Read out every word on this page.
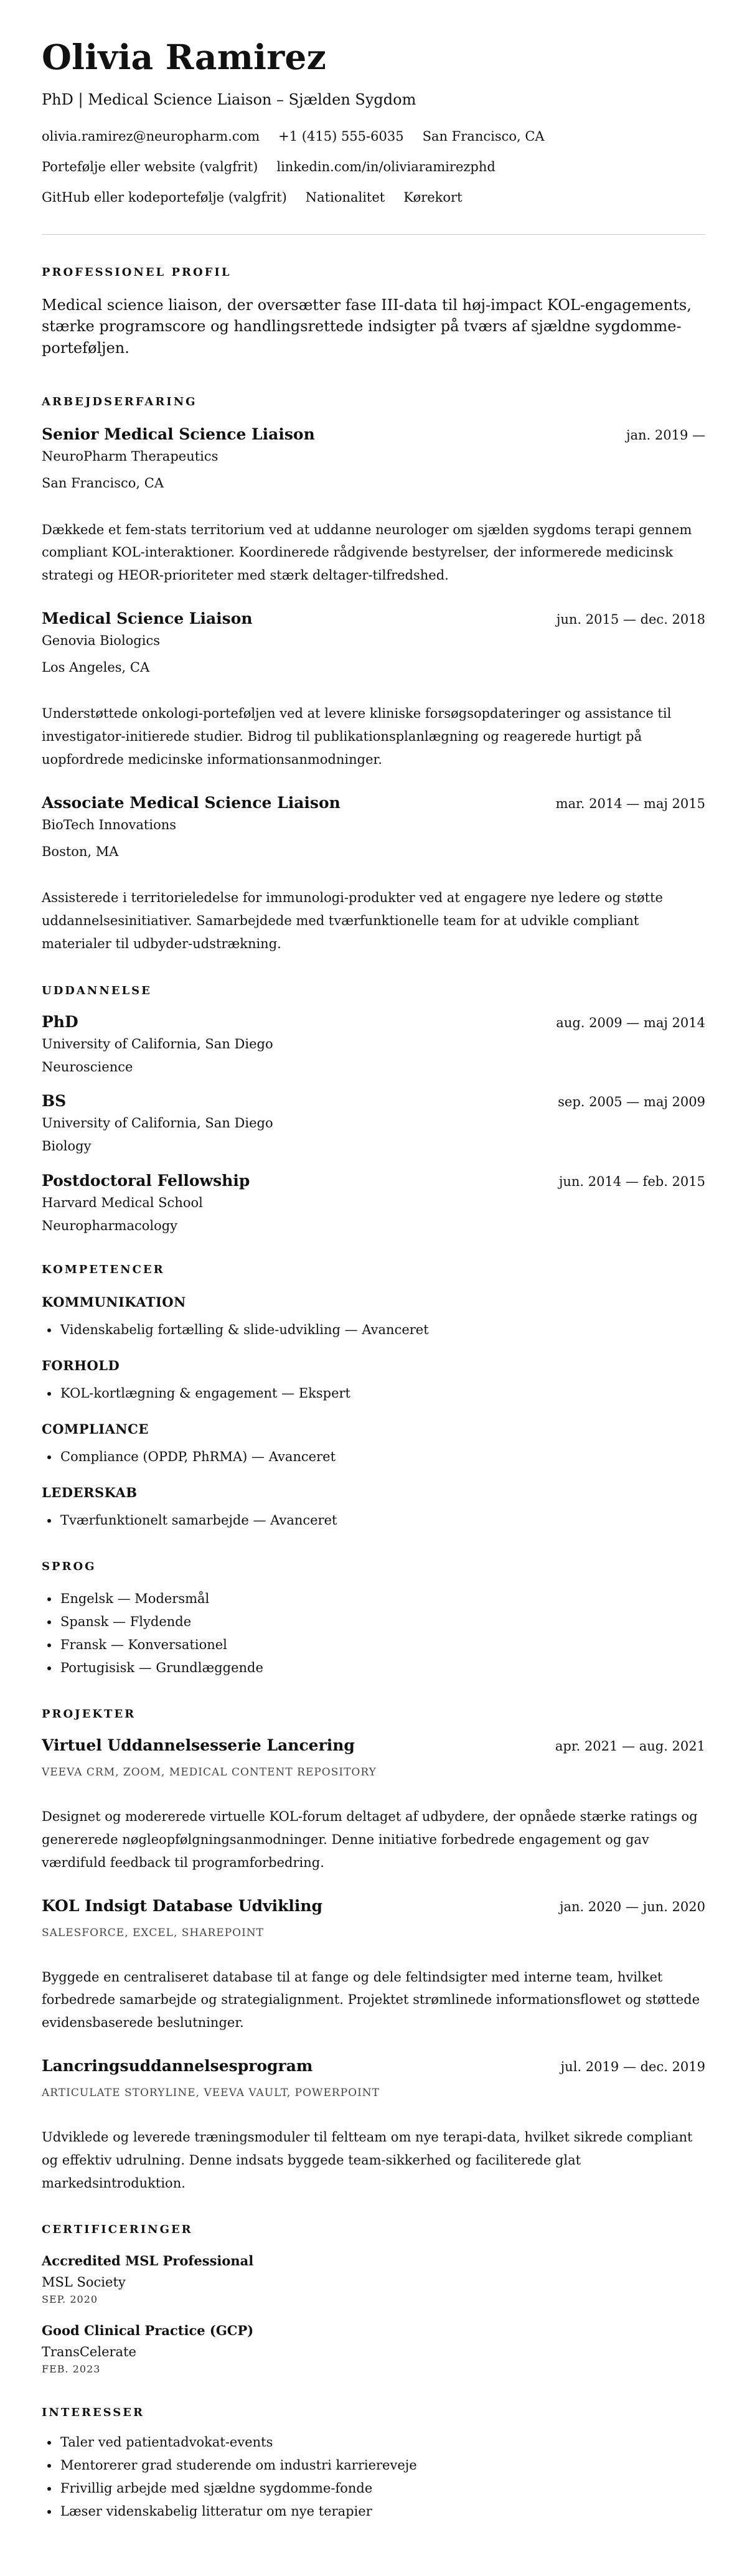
Olivia Ramirez
PhD | Medical Science Liaison – Sjælden Sygdom
olivia.ramirez@neuropharm.com +1 (415) 555-6035 San Francisco, CA
Portefølje eller website (valgfrit) linkedin.com/in/oliviaramirezphd
GitHub eller kodeportefølje (valgfrit) Nationalitet Kørekort
PROFESSIONEL PROFIL
Medical science liaison, der oversætter fase III-data til høj-impact KOL-engagements, stærke programscore og handlingsrettede indsigter på tværs af sjældne sygdomme-porteføljen.
ARBEJDSERFARING
Senior Medical Science Liaison	jan. 2019 —
NeuroPharm Therapeutics
San Francisco, CA
Dækkede et fem-stats territorium ved at uddanne neurologer om sjælden sygdoms terapi gennem compliant KOL-interaktioner. Koordinerede rådgivende bestyrelser, der informerede medicinsk strategi og HEOR-prioriteter med stærk deltager-tilfredshed.
Medical Science Liaison	jun. 2015 — dec. 2018
Genovia Biologics
Los Angeles, CA
Understøttede onkologi-porteføljen ved at levere kliniske forsøgsopdateringer og assistance til investigator-initierede studier. Bidrog til publikationsplanlægning og reagerede hurtigt på uopfordrede medicinske informationsanmodninger.
Associate Medical Science Liaison	mar. 2014 — maj 2015
BioTech Innovations
Boston, MA
Assisterede i territorieledelse for immunologi-produkter ved at engagere nye ledere og støtte uddannelsesinitiativer. Samarbejdede med tværfunktionelle team for at udvikle compliant materialer til udbyder-udstrækning.
UDDANNELSE
PhD	aug. 2009 — maj 2014
University of California, San Diego
Neuroscience
BS	sep. 2005 — maj 2009
University of California, San Diego
Biology
Postdoctoral Fellowship	jun. 2014 — feb. 2015
Harvard Medical School
Neuropharmacology
KOMPETENCER
KOMMUNIKATION
• Videnskabelig fortælling & slide-udvikling — Avanceret
FORHOLD
• KOL-kortlægning & engagement — Ekspert
COMPLIANCE
• Compliance (OPDP, PhRMA) — Avanceret
LEDERSKAB
• Tværfunktionelt samarbejde — Avanceret
SPROG
• Engelsk — Modersmål
• Spansk — Flydende
• Fransk — Konversationel
• Portugisisk — Grundlæggende
PROJEKTER
Virtuel Uddannelsesserie Lancering	apr. 2021 — aug. 2021
VEEVA CRM, ZOOM, MEDICAL CONTENT REPOSITORY
Designet og modererede virtuelle KOL-forum deltaget af udbydere, der opnåede stærke ratings og genererede nøgleopfølgningsanmodninger. Denne initiative forbedrede engagement og gav værdifuld feedback til programforbedring.
KOL Indsigt Database Udvikling	jan. 2020 — jun. 2020
SALESFORCE, EXCEL, SHAREPOINT
Byggede en centraliseret database til at fange og dele feltindsigter med interne team, hvilket forbedrede samarbejde og strategialignment. Projektet strømlinede informationsflowet og støttede evidensbaserede beslutninger.
Lancringsuddannelsesprogram	jul. 2019 — dec. 2019
ARTICULATE STORYLINE, VEEVA VAULT, POWERPOINT
Udviklede og leverede træningsmoduler til feltteam om nye terapi-data, hvilket sikrede compliant og effektiv udrulning. Denne indsats byggede team-sikkerhed og faciliterede glat markedsintroduktion.
CERTIFICERINGER
Accredited MSL Professional
MSL Society
SEP. 2020
Good Clinical Practice (GCP)
TransCelerate
FEB. 2023
INTERESSER
• Taler ved patientadvokat-events
• Mentorerer grad studerende om industri karriereveje
• Frivillig arbejde med sjældne sygdomme-fonde
• Læser videnskabelig litteratur om nye terapier
